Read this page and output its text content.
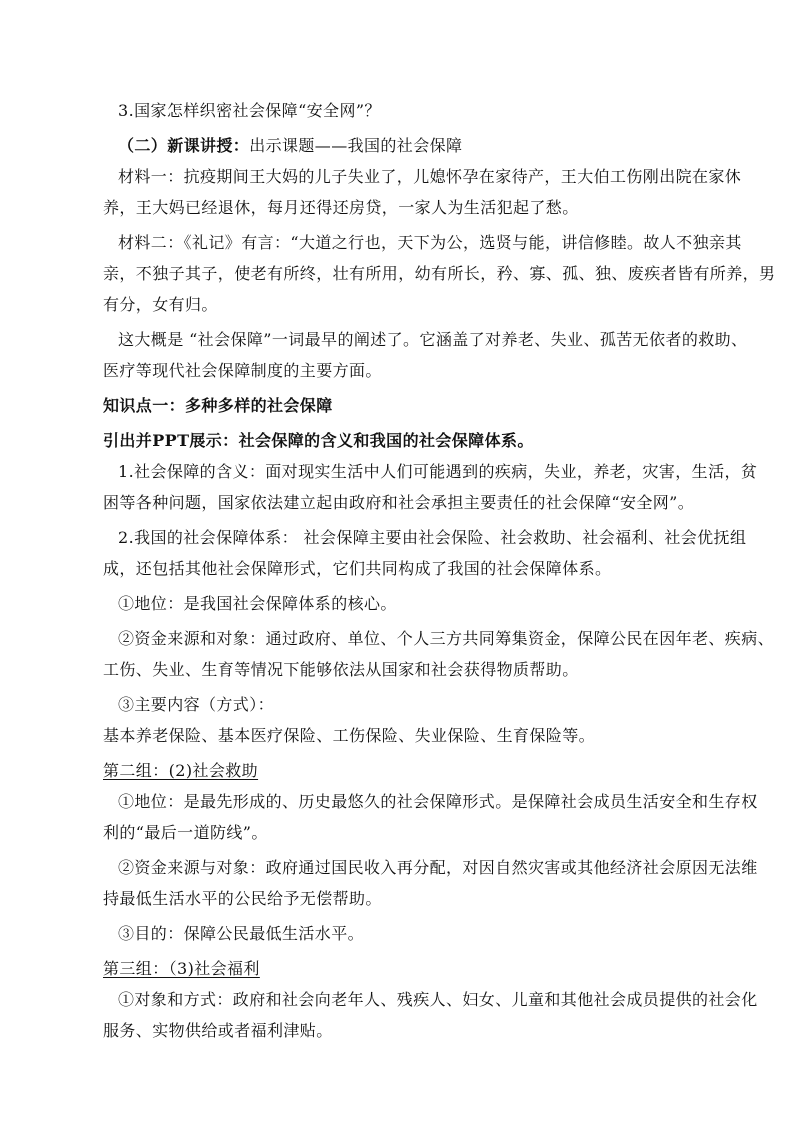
3.国家怎样织密社会保障“安全网”？
（二）新课讲授：出示课题——我国的社会保障
材料一：抗疫期间王大妈的儿子失业了，儿媳怀孕在家待产，王大伯工伤刚出院在家休
养，王大妈已经退休，每月还得还房贷，一家人为生活犯起了愁。
材料二：《礼记》有言：“大道之行也，天下为公，选贤与能，讲信修睦。故人不独亲其
亲，不独子其子，使老有所终，壮有所用，幼有所长，矜、寡、孤、独、废疾者皆有所养，男
有分，女有归。
这大概是 “社会保障”一词最早的阐述了。它涵盖了对养老、失业、孤苦无依者的救助、
医疗等现代社会保障制度的主要方面。
知识点一：多种多样的社会保障
引出并PPT展示：社会保障的含义和我国的社会保障体系。
1.社会保障的含义：面对现实生活中人们可能遇到的疾病，失业，养老，灾害，生活，贫
困等各种问题，国家依法建立起由政府和社会承担主要责任的社会保障“安全网”。
2.我国的社会保障体系： 社会保障主要由社会保险、社会救助、社会福利、社会优抚组
成，还包括其他社会保障形式，它们共同构成了我国的社会保障体系。
①地位：是我国社会保障体系的核心。
②资金来源和对象：通过政府、单位、个人三方共同筹集资金，保障公民在因年老、疾病、
工伤、失业、生育等情况下能够依法从国家和社会获得物质帮助。
③主要内容（方式）：
基本养老保险、基本医疗保险、工伤保险、失业保险、生育保险等。
第二组：(2)社会救助
①地位：是最先形成的、历史最悠久的社会保障形式。是保障社会成员生活安全和生存权
利的“最后一道防线”。
②资金来源与对象：政府通过国民收入再分配，对因自然灾害或其他经济社会原因无法维
持最低生活水平的公民给予无偿帮助。
③目的：保障公民最低生活水平。
第三组：（3)社会福利
①对象和方式：政府和社会向老年人、残疾人、妇女、儿童和其他社会成员提供的社会化
服务、实物供给或者福利津贴。
